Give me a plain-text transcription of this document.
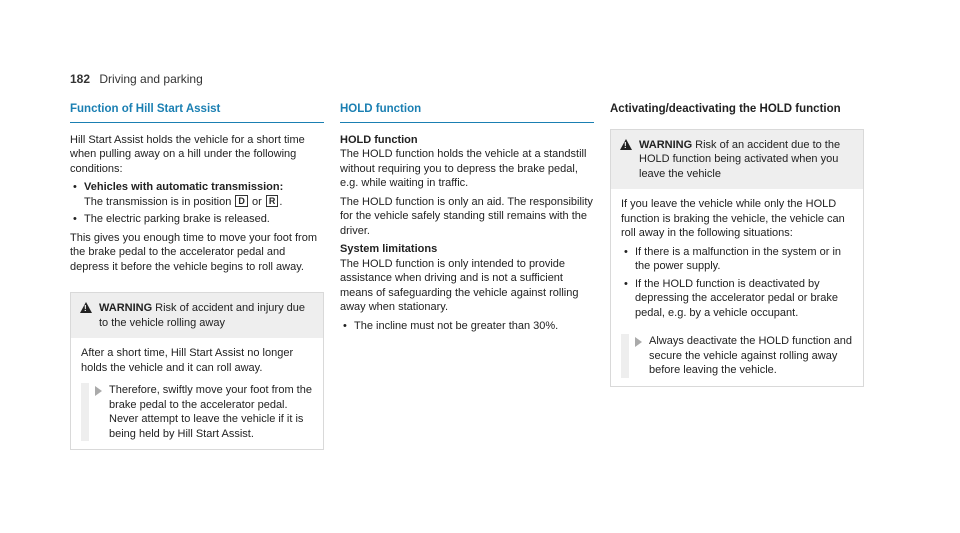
182 Driving and parking
Function of Hill Start Assist

Hill Start Assist holds the vehicle for a short time when pulling away on a hill under the following conditions:

• Vehicles with automatic transmission:
The transmission is in position D or R .
• The electric parking brake is released.

This gives you enough time to move your foot from the brake pedal to the accelerator pedal and depress it before the vehicle begins to roll away.

!
WARNING Risk of accident and injury due to the vehicle rolling away

After a short time, Hill Start Assist no longer holds the vehicle and it can roll away.

Therefore, swiftly move your foot from the brake pedal to the accelerator pedal. Never attempt to leave the vehicle if it is being held by Hill Start Assist.
HOLD function

HOLD function

The HOLD function holds the vehicle at a standstill without requiring you to depress the brake pedal, e.g. while waiting in traffic.

The HOLD function is only an aid. The responsibility for the vehicle safely standing still remains with the driver.

System limitations

The HOLD function is only intended to provide assistance when driving and is not a sufficient means of safeguarding the vehicle against rolling away when stationary.

• The incline must not be greater than 30%.
Activating/deactivating the HOLD function
!
WARNING Risk of an accident due to the HOLD function being activated when you leave the vehicle

If you leave the vehicle while only the HOLD function is braking the vehicle, the vehicle can roll away in the following situations:

• If there is a malfunction in the system or in the power supply.
• If the HOLD function is deactivated by depressing the accelerator pedal or brake pedal, e.g. by a vehicle occupant.
Always deactivate the HOLD function and secure the vehicle against rolling away before leaving the vehicle.
